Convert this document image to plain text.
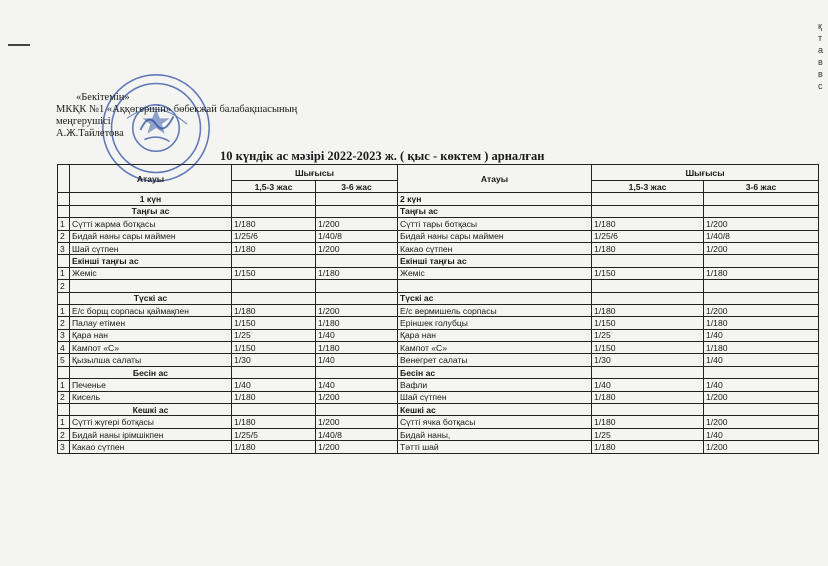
«Бекітемін»
МКҚК №1 «Аққөгершін» бөбекжай балабақшасының
меңгерушісі
А.Ж.Тайлетова
10 күндік ас мәзірі 2022-2023 ж. ( қыс - көктем ) арналған
қ
т
а
в
в
с
	Атауы	Шығысы		Атауы	Шығысы	
		1,5-3 жас	3-6 жас		1,5-3 жас	3-6 жас
	1 күн			2 күн		
	Таңғы ас			Таңғы ас		
1	Сүтті жарма ботқасы	1/180	1/200	Сүтті тары ботқасы	1/180	1/200
2	Бидай наны сары маймен	1/25/6	1/40/8	Бидай наны сары маймен	1/25/6	1/40/8
3	Шай сүтпен	1/180	1/200	Какао сүтпен	1/180	1/200
	Екінші таңғы ас			Екінші таңғы ас		
1	Жеміс	1/150	1/180	Жеміс	1/150	1/180
2						
	Түскі ас			Түскі ас		
1	Е/с борщ сорпасы қаймақпен	1/180	1/200	Е/с вермишель сорпасы	1/180	1/200
2	Палау етімен	1/150	1/180	Еріншек голубцы	1/150	1/180
3	Қара нан	1/25	1/40	Қара нан	1/25	1/40
4	Кампот «С»	1/150	1/180	Кампот «С»	1/150	1/180
5	Қызылша салаты	1/30	1/40	Венегрет салаты	1/30	1/40
	Бесін ас			Бесін ас		
1	Печенье	1/40	1/40	Вафли	1/40	1/40
2	Кисель	1/180	1/200	Шай сүтпен	1/180	1/200
	Кешкі ас			Кешкі ас		
1	Сүтті жүгері ботқасы	1/180	1/200	Сүтті ячка ботқасы	1/180	1/200
2	Бидай наны ірімшікпен	1/25/5	1/40/8	Бидай наны,	1/25	1/40
3	Какао сүтпен	1/180	1/200	Тәтті шай	1/180	1/200
